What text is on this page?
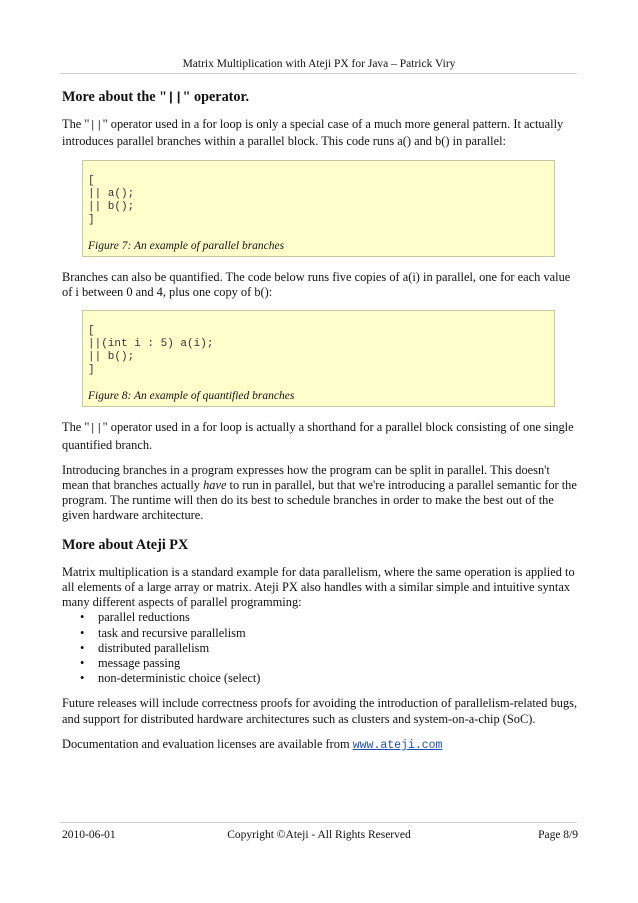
Matrix Multiplication with Ateji PX for Java – Patrick Viry
More about the "||" operator.

The "||" operator used in a for loop is only a special case of a much more general pattern. It actually introduces parallel branches within a parallel block. This code runs a() and b() in parallel:

[
|| a();
|| b();
]
Figure 7: An example of parallel branches

Branches can also be quantified. The code below runs five copies of a(i) in parallel, one for each value of i between 0 and 4, plus one copy of b():

[
||(int i : 5) a(i);
|| b();
]
Figure 8: An example of quantified branches

The "||" operator used in a for loop is actually a shorthand for a parallel block consisting of one single quantified branch.

Introducing branches in a program expresses how the program can be split in parallel. This doesn't mean that branches actually have to run in parallel, but that we're introducing a parallel semantic for the program. The runtime will then do its best to schedule branches in order to make the best out of the given hardware architecture.

More about Ateji PX

Matrix multiplication is a standard example for data parallelism, where the same operation is applied to all elements of a large array or matrix. Ateji PX also handles with a similar simple and intuitive syntax many different aspects of parallel programming:

• parallel reductions
• task and recursive parallelism
• distributed parallelism
• message passing
• non-deterministic choice (select)

Future releases will include correctness proofs for avoiding the introduction of parallelism-related bugs, and support for distributed hardware architectures such as clusters and system-on-a-chip (SoC).

Documentation and evaluation licenses are available from www.ateji.com

2010-06-01	Copyright ©Ateji - All Rights Reserved	Page 8/9
